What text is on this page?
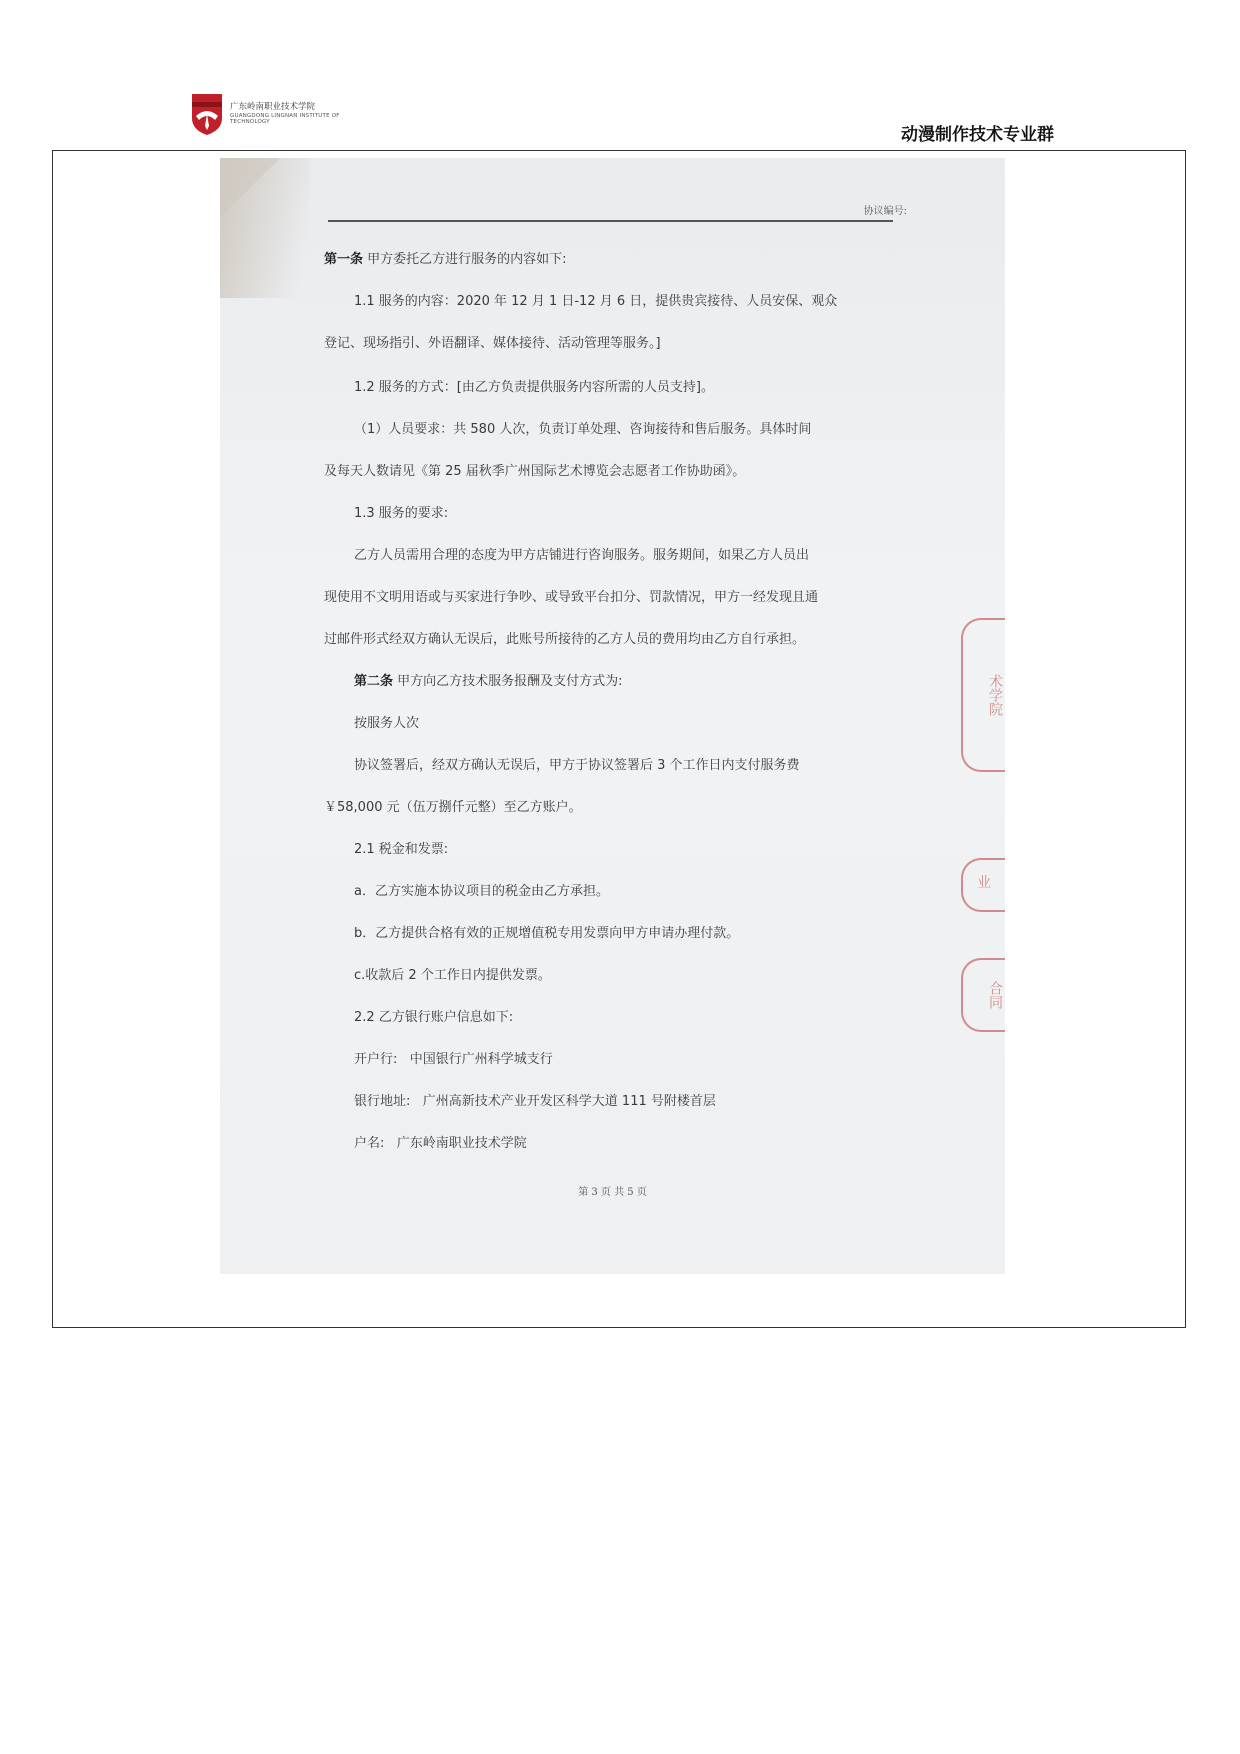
广东岭南职业技术学院
GUANGDONG LINGNAN INSTITUTE OF TECHNOLOGY
动漫制作技术专业群
协议编号:
第一条 甲方委托乙方进行服务的内容如下:
1.1 服务的内容：2020 年 12 月 1 日-12 月 6 日，提供贵宾接待、人员安保、观众
登记、现场指引、外语翻译、媒体接待、活动管理等服务。]
1.2 服务的方式：[由乙方负责提供服务内容所需的人员支持]。
（1）人员要求：共 580 人次，负责订单处理、咨询接待和售后服务。具体时间
及每天人数请见《第 25 届秋季广州国际艺术博览会志愿者工作协助函》。
1.3 服务的要求:
乙方人员需用合理的态度为甲方店铺进行咨询服务。服务期间，如果乙方人员出
现使用不文明用语或与买家进行争吵、或导致平台扣分、罚款情况，甲方一经发现且通
过邮件形式经双方确认无误后，此账号所接待的乙方人员的费用均由乙方自行承担。
第二条 甲方向乙方技术服务报酬及支付方式为:
按服务人次
协议签署后，经双方确认无误后，甲方于协议签署后 3 个工作日内支付服务费
￥58,000 元（伍万捌仟元整）至乙方账户。
2.1 税金和发票:
a．乙方实施本协议项目的税金由乙方承担。
b．乙方提供合格有效的正规增值税专用发票向甲方申请办理付款。
c.收款后 2 个工作日内提供发票。
2.2 乙方银行账户信息如下:
开户行: 中国银行广州科学城支行
银行地址: 广州高新技术产业开发区科学大道 111 号附楼首层
户名: 广东岭南职业技术学院
第 3 页 共 5 页
术学院
业
合同
